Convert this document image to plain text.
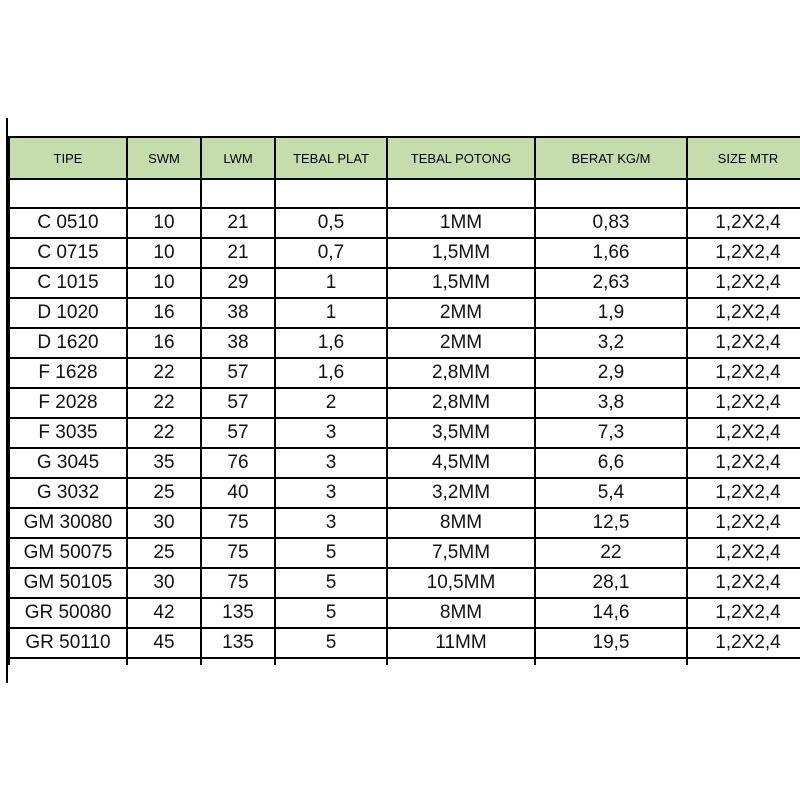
TIPE	SWM	LWM	TEBAL PLAT	TEBAL POTONG	BERAT KG/M	SIZE MTR

C 0510	10	21	0,5	1MM	0,83	1,2X2,4
C 0715	10	21	0,7	1,5MM	1,66	1,2X2,4
C 1015	10	29	1	1,5MM	2,63	1,2X2,4
D 1020	16	38	1	2MM	1,9	1,2X2,4
D 1620	16	38	1,6	2MM	3,2	1,2X2,4
F 1628	22	57	1,6	2,8MM	2,9	1,2X2,4
F 2028	22	57	2	2,8MM	3,8	1,2X2,4
F 3035	22	57	3	3,5MM	7,3	1,2X2,4
G 3045	35	76	3	4,5MM	6,6	1,2X2,4
G 3032	25	40	3	3,2MM	5,4	1,2X2,4
GM 30080	30	75	3	8MM	12,5	1,2X2,4
GM 50075	25	75	5	7,5MM	22	1,2X2,4
GM 50105	30	75	5	10,5MM	28,1	1,2X2,4
GR 50080	42	135	5	8MM	14,6	1,2X2,4
GR 50110	45	135	5	11MM	19,5	1,2X2,4
